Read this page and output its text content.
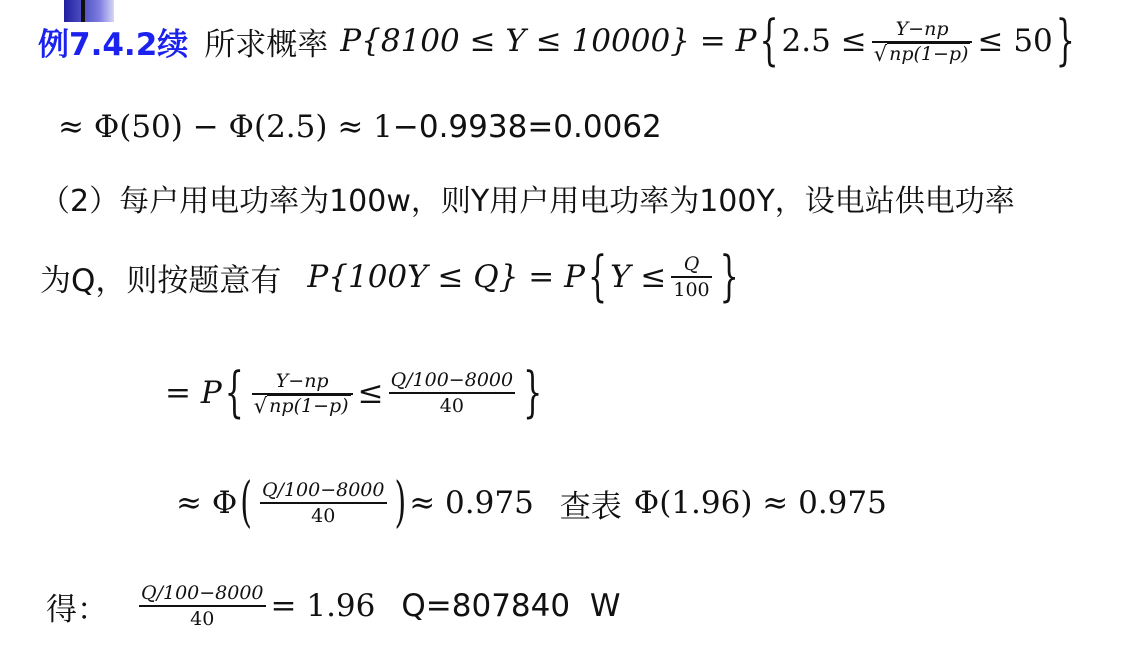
例7.4.2续 所求概率 P{8100 ≤ Y ≤ 10000} = P { $2.5 \le \frac{Y-np}{√ np(1-p)} \le 50$ }
≈ Φ(50) − Φ(2.5) ≈ 1 −0.9938=0.0062
（2）每户用电功率为100w，则Y用户用电功率为100Y，设电站供电功率
为Q，则按题意有 P{100Y ≤ Q} = P { $Y \le \frac{Q}{100}$ }
= P { $\frac{Y-np}{√ np(1-p)} \le \frac{Q/100-8000}{40}$ }
≈ Φ ( $\frac{Q/100-8000}{40}$ ) ≈ 0.975 查表 Φ(1.96) ≈ 0.975
得： $\frac{Q/100-8000}{40} = 1.96$ Q=807840  W
